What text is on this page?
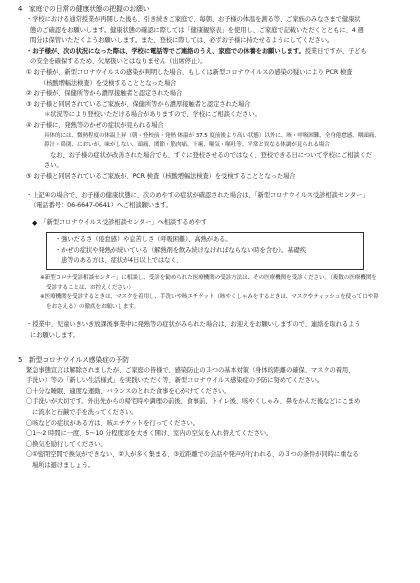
4　家庭での日常の健康状態の把握のお願い
・学校における通常授業が再開した後も、引き続きご家庭で、毎朝、お子様の体温を測る等、ご家族のみなさまで健康状
態のご確認をお願いします。健康状態の確認に際しては「健康観察表」を使用し、ご家庭で記載いただくとともに、4 週
間分は保管いただくようお願いします。また、登校に際しては、必ずお子様に持たせるようにしてください。
・お子様が、次の状況になった際は、学校に電話等でご連絡のうえ、家庭での休養をお願いします。授業日ですが、子ども
の安全を確保するため、欠席扱いとはなりません（出席停止）。
① お子様が、新型コロナウイルスの感染が判明した場合、もしくは新型コロナウイルスの感染の疑いにより PCR 検査
（核酸増幅法検査）を受検することとなった場合
② お子様が、保健所等から濃厚接触者と認定された場合
③ お子様と同居されているご家族が、保健所等から濃厚接触者と認定された場合
＊状況等により登校いただける場合がありますので、学校にご相談ください。
④ お子様に、発熱等のかぜの症状が見られる場合
具体的には、微熱程度の体温上昇（朝・登校前・発熱 体温が 37.5 度前後より高い状態）以外に、咳・呼吸困難、全身倦怠感、咽頭痛、
鼻汁・鼻閉、においが、味がしない、頭痛、関節・筋肉痛、下痢、嘔気・嘔吐等、平常と異なる体調が見られる場合
なお、お子様の症状が改善された場合でも、すぐに登校させるのではなく、登校できる日について学校にご相談くだ
さい。
⑤ お子様と同居されているご家族が、PCR 検査（核酸増幅法検査）を受検することとなった場合
・上記④の場合で、お子様の健康状態に、次のめやすの症状が確認された場合は、「新型コロナウイルス受診相談センター」
（電話番号：06-6647-0641）へご相談願います。
◆ 「新型コロナウイルス受診相談センター」へ相談するめやす
・強いだるさ（倦怠感）や息苦しさ（呼吸困難）、高熱がある。
・かぜの症状や発熱が続いている（解熱剤を飲み続けなければならない時を含む）。基礎疾
患等のある方は、症状が4日以上ではなく、
※新型コロナ受診相談センター」に相談し、受診を勧められた医療機関の受診方法は、その医療機関を受診ください。（複数の医療機関を
受診することは、お控えください）
※医療機関を受診するときは、マスクを着用し、手洗いや咳エチケット（咳やくしゃみをするときは、マスクやティッシュを使って口や鼻
をおさえる）の徹底をお願いします。
・授業中、児童いきいき放課後事業中に発熱等の症状がみられた場合は、お迎えをお願いしますので、連絡を取れるよう
にお願いします。
5　新型コロナウイルス感染症の予防
緊急事態宣言は解除されましたが、ご家庭の皆様で、感染防止の３つの基本対策（身体的距離の確保、マスクの着用、
手洗い）等の「新しい生活様式」を実践いただく等、新型コロナウイルス感染症の予防に努めてください。
〇十分な睡眠、適度な運動、バランスのとれた食事を心がけてください。
〇手洗いが大切です。外出先からの帰宅時や調理の前後、食事前、トイレ後、咳やくしゃみ、鼻をかんだ後などにこまめ
に流水と石鹸で手を洗ってください。
〇咳などの症状がある方は、咳エチケットを行ってください。
〇1～2 時間に一度、5～10 分程度窓を大きく開け、室内の空気を入れ替えてください。
〇換気を励行してください。
〇①密閉空間で換気ができない、②人が多く集まる、③近距離での会話や発声が行われる、の３つの条件が同時に重なる
場所は避けましょう。
